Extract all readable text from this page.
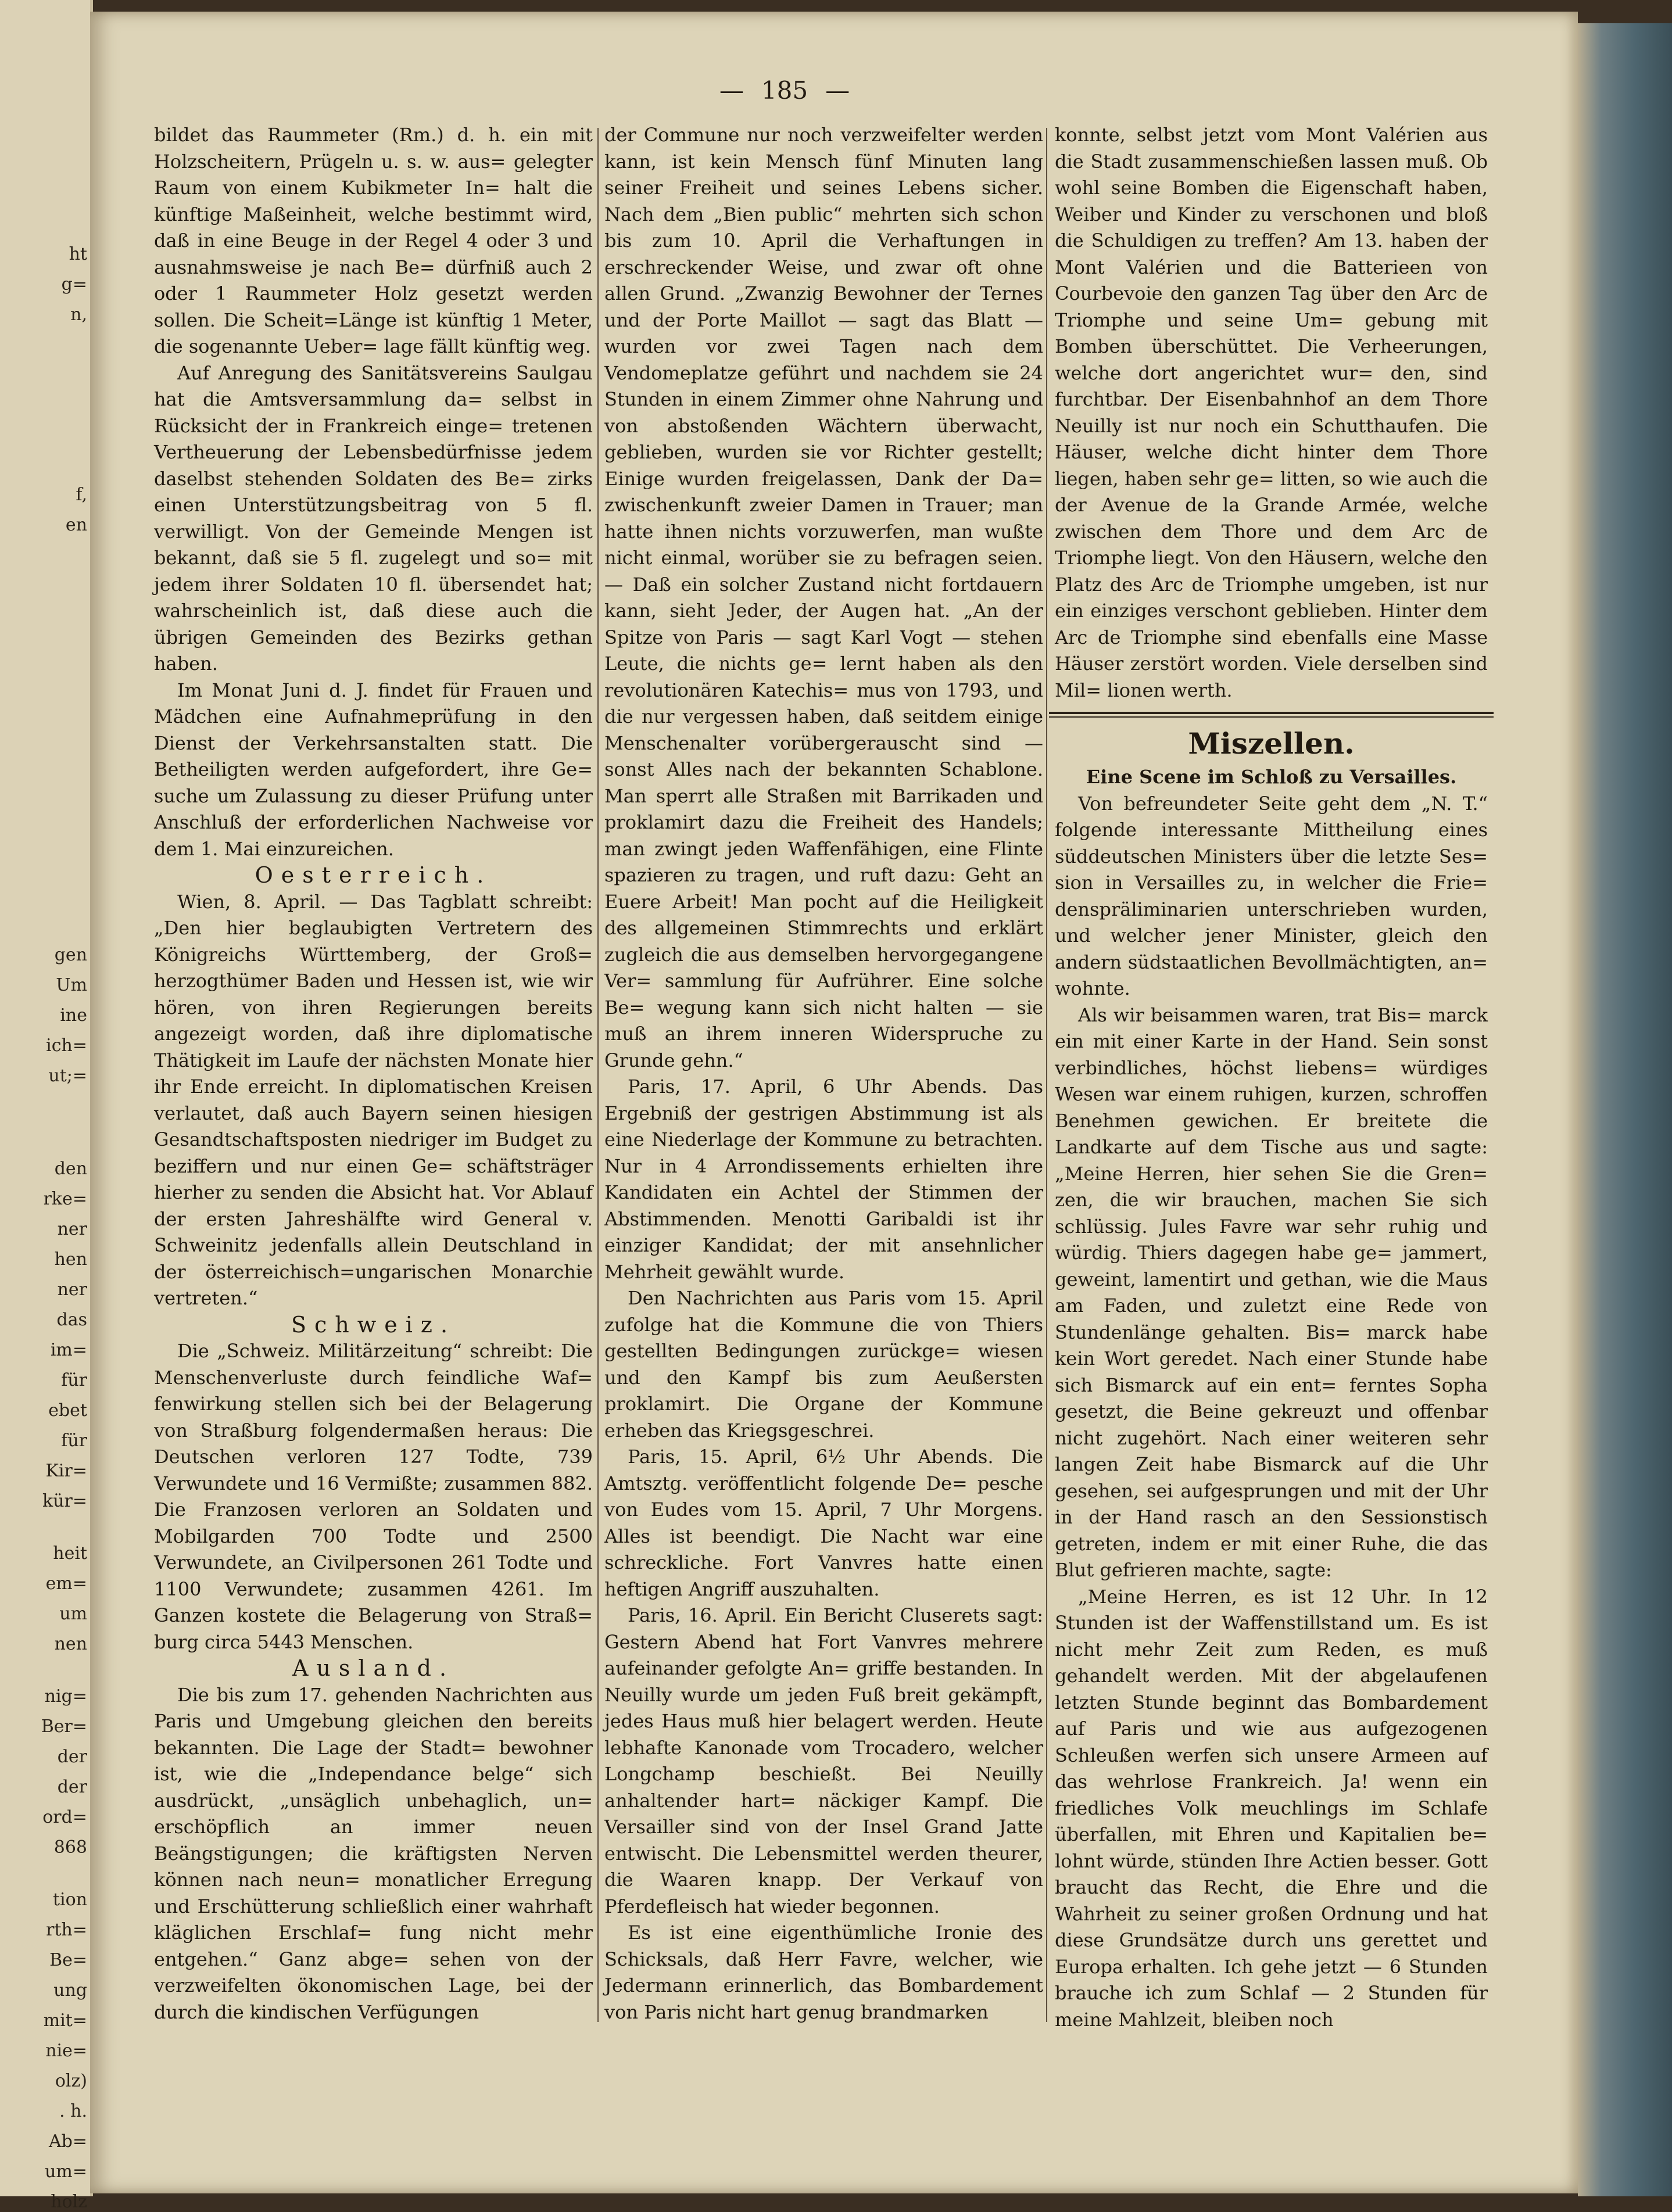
ht
g=
n,
f,
en
gen
Um
ine
ich=
ut;=
den
rke=
ner
hen
ner
das
im=
für
ebet
für
Kir=
kür=
heit
em=
um
nen
nig=
Ber=
der
der
ord=
868
tion
rth=
Be=
ung
mit=
nie=
olz)
. h.
Ab=
um=
holz
— 185 —

bildet das Raummeter (Rm.) d. h. ein mit Holzscheitern, Prügeln u. s. w. aus= gelegter Raum von einem Kubikmeter In= halt die künftige Maßeinheit, welche bestimmt wird, daß in eine Beuge in der Regel 4 oder 3 und ausnahmsweise je nach Be= dürfniß auch 2 oder 1 Raummeter Holz gesetzt werden sollen. Die Scheit=Länge ist künftig 1 Meter, die sogenannte Ueber= lage fällt künftig weg.

Auf Anregung des Sanitätsvereins Saulgau hat die Amtsversammlung da= selbst in Rücksicht der in Frankreich einge= tretenen Vertheuerung der Lebensbedürfnisse jedem daselbst stehenden Soldaten des Be= zirks einen Unterstützungsbeitrag von 5 fl. verwilligt. Von der Gemeinde Mengen ist bekannt, daß sie 5 fl. zugelegt und so= mit jedem ihrer Soldaten 10 fl. übersendet hat; wahrscheinlich ist, daß diese auch die übrigen Gemeinden des Bezirks gethan haben.

Im Monat Juni d. J. findet für Frauen und Mädchen eine Aufnahmeprüfung in den Dienst der Verkehrsanstalten statt. Die Betheiligten werden aufgefordert, ihre Ge= suche um Zulassung zu dieser Prüfung unter Anschluß der erforderlichen Nachweise vor dem 1. Mai einzureichen.

Oesterreich.

Wien, 8. April. — Das Tagblatt schreibt: „Den hier beglaubigten Vertretern des Königreichs Württemberg, der Groß= herzogthümer Baden und Hessen ist, wie wir hören, von ihren Regierungen bereits angezeigt worden, daß ihre diplomatische Thätigkeit im Laufe der nächsten Monate hier ihr Ende erreicht. In diplomatischen Kreisen verlautet, daß auch Bayern seinen hiesigen Gesandtschaftsposten niedriger im Budget zu beziffern und nur einen Ge= schäftsträger hierher zu senden die Absicht hat. Vor Ablauf der ersten Jahreshälfte wird General v. Schweinitz jedenfalls allein Deutschland in der österreichisch=ungarischen Monarchie vertreten.“

Schweiz.

Die „Schweiz. Militärzeitung“ schreibt: Die Menschenverluste durch feindliche Waf= fenwirkung stellen sich bei der Belagerung von Straßburg folgendermaßen heraus: Die Deutschen verloren 127 Todte, 739 Verwundete und 16 Vermißte; zusammen 882. Die Franzosen verloren an Soldaten und Mobilgarden 700 Todte und 2500 Verwundete, an Civilpersonen 261 Todte und 1100 Verwundete; zusammen 4261. Im Ganzen kostete die Belagerung von Straß= burg circa 5443 Menschen.

Ausland.

Die bis zum 17. gehenden Nachrichten aus Paris und Umgebung gleichen den bereits bekannten. Die Lage der Stadt= bewohner ist, wie die „Independance belge“ sich ausdrückt, „unsäglich unbehaglich, un= erschöpflich an immer neuen Beängstigungen; die kräftigsten Nerven können nach neun= monatlicher Erregung und Erschütterung schließlich einer wahrhaft kläglichen Erschlaf= fung nicht mehr entgehen.“ Ganz abge= sehen von der verzweifelten ökonomischen Lage, bei der durch die kindischen Verfügungen

der Commune nur noch verzweifelter werden kann, ist kein Mensch fünf Minuten lang seiner Freiheit und seines Lebens sicher. Nach dem „Bien public“ mehrten sich schon bis zum 10. April die Verhaftungen in erschreckender Weise, und zwar oft ohne allen Grund. „Zwanzig Bewohner der Ternes und der Porte Maillot — sagt das Blatt — wurden vor zwei Tagen nach dem Vendomeplatze geführt und nachdem sie 24 Stunden in einem Zimmer ohne Nahrung und von abstoßenden Wächtern überwacht, geblieben, wurden sie vor Richter gestellt; Einige wurden freigelassen, Dank der Da= zwischenkunft zweier Damen in Trauer; man hatte ihnen nichts vorzuwerfen, man wußte nicht einmal, worüber sie zu befragen seien. — Daß ein solcher Zustand nicht fortdauern kann, sieht Jeder, der Augen hat. „An der Spitze von Paris — sagt Karl Vogt — stehen Leute, die nichts ge= lernt haben als den revolutionären Katechis= mus von 1793, und die nur vergessen haben, daß seitdem einige Menschenalter vorübergerauscht sind — sonst Alles nach der bekannten Schablone. Man sperrt alle Straßen mit Barrikaden und proklamirt dazu die Freiheit des Handels; man zwingt jeden Waffenfähigen, eine Flinte spazieren zu tragen, und ruft dazu: Geht an Euere Arbeit! Man pocht auf die Heiligkeit des allgemeinen Stimmrechts und erklärt zugleich die aus demselben hervorgegangene Ver= sammlung für Aufrührer. Eine solche Be= wegung kann sich nicht halten — sie muß an ihrem inneren Widerspruche zu Grunde gehn.“

Paris, 17. April, 6 Uhr Abends. Das Ergebniß der gestrigen Abstimmung ist als eine Niederlage der Kommune zu betrachten. Nur in 4 Arrondissements erhielten ihre Kandidaten ein Achtel der Stimmen der Abstimmenden. Menotti Garibaldi ist ihr einziger Kandidat; der mit ansehnlicher Mehrheit gewählt wurde.

Den Nachrichten aus Paris vom 15. April zufolge hat die Kommune die von Thiers gestellten Bedingungen zurückge= wiesen und den Kampf bis zum Aeußersten proklamirt. Die Organe der Kommune erheben das Kriegsgeschrei.

Paris, 15. April, 6½ Uhr Abends. Die Amtsztg. veröffentlicht folgende De= pesche von Eudes vom 15. April, 7 Uhr Morgens. Alles ist beendigt. Die Nacht war eine schreckliche. Fort Vanvres hatte einen heftigen Angriff auszuhalten.

Paris, 16. April. Ein Bericht Cluserets sagt: Gestern Abend hat Fort Vanvres mehrere aufeinander gefolgte An= griffe bestanden. In Neuilly wurde um jeden Fuß breit gekämpft, jedes Haus muß hier belagert werden. Heute lebhafte Kanonade vom Trocadero, welcher Longchamp beschießt. Bei Neuilly anhaltender hart= näckiger Kampf. Die Versailler sind von der Insel Grand Jatte entwischt. Die Lebensmittel werden theurer, die Waaren knapp. Der Verkauf von Pferdefleisch hat wieder begonnen.

Es ist eine eigenthümliche Ironie des Schicksals, daß Herr Favre, welcher, wie Jedermann erinnerlich, das Bombardement von Paris nicht hart genug brandmarken

konnte, selbst jetzt vom Mont Valérien aus die Stadt zusammenschießen lassen muß. Ob wohl seine Bomben die Eigenschaft haben, Weiber und Kinder zu verschonen und bloß die Schuldigen zu treffen? Am 13. haben der Mont Valérien und die Batterieen von Courbevoie den ganzen Tag über den Arc de Triomphe und seine Um= gebung mit Bomben überschüttet. Die Verheerungen, welche dort angerichtet wur= den, sind furchtbar. Der Eisenbahnhof an dem Thore Neuilly ist nur noch ein Schutthaufen. Die Häuser, welche dicht hinter dem Thore liegen, haben sehr ge= litten, so wie auch die der Avenue de la Grande Armée, welche zwischen dem Thore und dem Arc de Triomphe liegt. Von den Häusern, welche den Platz des Arc de Triomphe umgeben, ist nur ein einziges verschont geblieben. Hinter dem Arc de Triomphe sind ebenfalls eine Masse Häuser zerstört worden. Viele derselben sind Mil= lionen werth.

Miszellen.

Eine Scene im Schloß zu Versailles.

Von befreundeter Seite geht dem „N. T.“ folgende interessante Mittheilung eines süddeutschen Ministers über die letzte Ses= sion in Versailles zu, in welcher die Frie= denspräliminarien unterschrieben wurden, und welcher jener Minister, gleich den andern südstaatlichen Bevollmächtigten, an= wohnte.

Als wir beisammen waren, trat Bis= marck ein mit einer Karte in der Hand. Sein sonst verbindliches, höchst liebens= würdiges Wesen war einem ruhigen, kurzen, schroffen Benehmen gewichen. Er breitete die Landkarte auf dem Tische aus und sagte: „Meine Herren, hier sehen Sie die Gren= zen, die wir brauchen, machen Sie sich schlüssig. Jules Favre war sehr ruhig und würdig. Thiers dagegen habe ge= jammert, geweint, lamentirt und gethan, wie die Maus am Faden, und zuletzt eine Rede von Stundenlänge gehalten. Bis= marck habe kein Wort geredet. Nach einer Stunde habe sich Bismarck auf ein ent= ferntes Sopha gesetzt, die Beine gekreuzt und offenbar nicht zugehört. Nach einer weiteren sehr langen Zeit habe Bismarck auf die Uhr gesehen, sei aufgesprungen und mit der Uhr in der Hand rasch an den Sessionstisch getreten, indem er mit einer Ruhe, die das Blut gefrieren machte, sagte:

„Meine Herren, es ist 12 Uhr. In 12 Stunden ist der Waffenstillstand um. Es ist nicht mehr Zeit zum Reden, es muß gehandelt werden. Mit der abgelaufenen letzten Stunde beginnt das Bombardement auf Paris und wie aus aufgezogenen Schleußen werfen sich unsere Armeen auf das wehrlose Frankreich. Ja! wenn ein friedliches Volk meuchlings im Schlafe überfallen, mit Ehren und Kapitalien be= lohnt würde, stünden Ihre Actien besser. Gott braucht das Recht, die Ehre und die Wahrheit zu seiner großen Ordnung und hat diese Grundsätze durch uns gerettet und Europa erhalten. Ich gehe jetzt — 6 Stunden brauche ich zum Schlaf — 2 Stunden für meine Mahlzeit, bleiben noch
